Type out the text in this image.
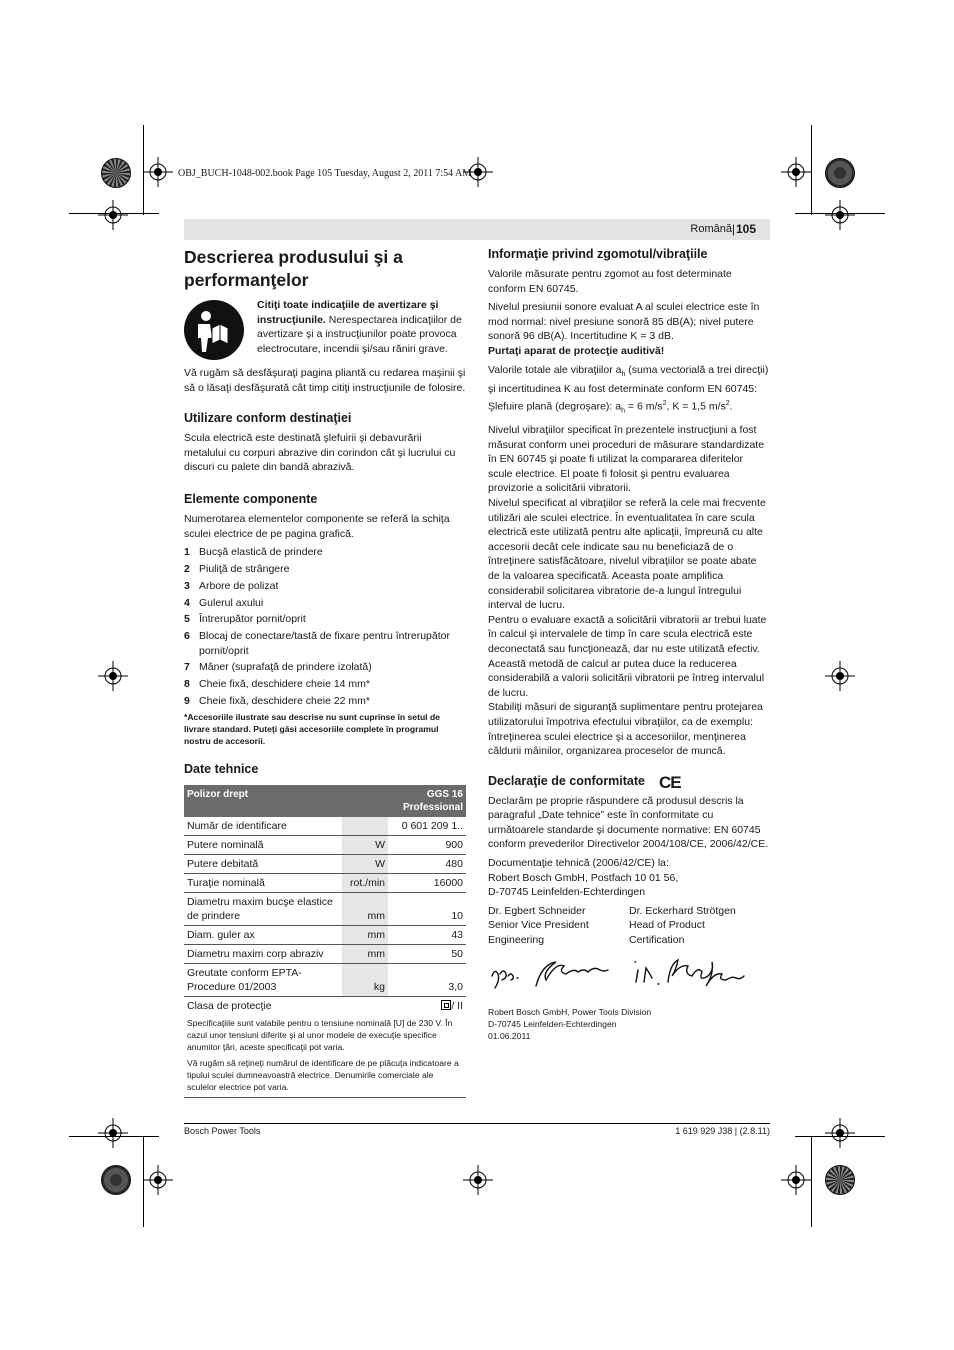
OBJ_BUCH-1048-002.book Page 105 Tuesday, August 2, 2011 7:54 AM
Română | 105
Descrierea produsului şi a
performanţelor

Citiţi toate indicaţiile de avertizare şi instrucţiunile. Nerespectarea indicaţiilor de avertizare şi a instrucţiunilor poate provoca electrocutare, incendii şi/sau răniri grave.

Vă rugăm să desfăşuraţi pagina pliantă cu redarea maşinii şi să o lăsaţi desfăşurată cât timp citiţi instrucţiunile de folosire.

Utilizare conform destinaţiei

Scula electrică este destinată şlefuirii şi debavurării metalului cu corpuri abrazive din corindon cât şi lucrului cu discuri cu palete din bandă abrazivă.

Elemente componente

Numerotarea elementelor componente se referă la schiţa sculei electrice de pe pagina grafică.

1 Bucşă elastică de prindere
2 Piuliţă de strângere
3 Arbore de polizat
4 Gulerul axului
5 Întrerupător pornit/oprit
6 Blocaj de conectare/tastă de fixare pentru întrerupător pornit/oprit
7 Mâner (suprafaţă de prindere izolată)
8 Cheie fixă, deschidere cheie 14 mm*
9 Cheie fixă, deschidere cheie 22 mm*

*Accesoriile ilustrate sau descrise nu sunt cuprinse în setul de livrare standard. Puteţi găsi accesoriile complete în programul nostru de accesorii.

Date tehnice
Polizor drept		GGS 16
Professional
Număr de identificare		0 601 209 1..
Putere nominală	W	900
Putere debitată	W	480
Turaţie nominală	rot./min	16000
Diametru maxim bucşe elastice de prindere	mm	10
Diam. guler ax	mm	43
Diametru maxim corp abraziv	mm	50
Greutate conform EPTA-Procedure 01/2003	kg	3,0
Clasa de protecţie		/ II

Specificaţiile sunt valabile pentru o tensiune nominală [U] de 230 V. În cazul unor tensiuni diferite şi al unor modele de execuţie specifice anumitor ţări, aceste specificaţii pot varia.

Vă rugăm să reţineţi numărul de identificare de pe plăcuţa indicatoare a tipului sculei dumneavoastră electrice. Denumirile comerciale ale sculelor electrice pot varia.

Informaţie privind zgomotul/vibraţiile

Valorile măsurate pentru zgomot au fost determinate conform EN 60745.

Nivelul presiunii sonore evaluat A al sculei electrice este în mod normal: nivel presiune sonoră 85 dB(A); nivel putere sonoră 96 dB(A). Incertitudine K = 3 dB.

Purtaţi aparat de protecţie auditivă!

Valorile totale ale vibraţiilor $a_h$ (suma vectorială a trei direcţii) şi incertitudinea K au fost determinate conform EN 60745: Şlefuire plană (degroşare): $a_h = 6$ $m/s^2$, K = 1,5 $m/s^2$.

Nivelul vibraţiilor specificat în prezentele instrucţiuni a fost măsurat conform unei proceduri de măsurare standardizate în EN 60745 şi poate fi utilizat la compararea diferitelor scule electrice. El poate fi folosit şi pentru evaluarea provizorie a solicitării vibratorii.

Nivelul specificat al vibraţiilor se referă la cele mai frecvente utilizări ale sculei electrice. În eventualitatea în care scula electrică este utilizată pentru alte aplicaţii, împreună cu alte accesorii decât cele indicate sau nu beneficiază de o întreţinere satisfăcătoare, nivelul vibraţiilor se poate abate de la valoarea specificată. Aceasta poate amplifica considerabil solicitarea vibratorie de-a lungul întregului interval de lucru.

Pentru o evaluare exactă a solicitării vibratorii ar trebui luate în calcul şi intervalele de timp în care scula electrică este deconectată sau funcţionează, dar nu este utilizată efectiv. Această metodă de calcul ar putea duce la reducerea considerabilă a valorii solicitării vibratorii pe întreg intervalul de lucru.

Stabiliţi măsuri de siguranţă suplimentare pentru protejarea utilizatorului împotriva efectului vibraţiilor, ca de exemplu: întreţinerea sculei electrice şi a accesoriilor, menţinerea căldurii mâinilor, organizarea proceselor de muncă.

Declaraţie de conformitate CE

Declarăm pe proprie răspundere că produsul descris la paragraful „Date tehnice” este în conformitate cu următoarele standarde şi documente normative: EN 60745 conform prevederilor Directivelor 2004/108/CE, 2006/42/CE.

Documentaţie tehnică (2006/42/CE) la:
Robert Bosch GmbH, Postfach 10 01 56,
D-70745 Leinfelden-Echterdingen

Dr. Egbert Schneider

Senior Vice President

Engineering

Dr. Eckerhard Strötgen

Head of Product

Certification

Robert Bosch GmbH, Power Tools Division

D-70745 Leinfelden-Echterdingen

01.06.2011

Bosch Power Tools	1 619 929 J38 | (2.8.11)
